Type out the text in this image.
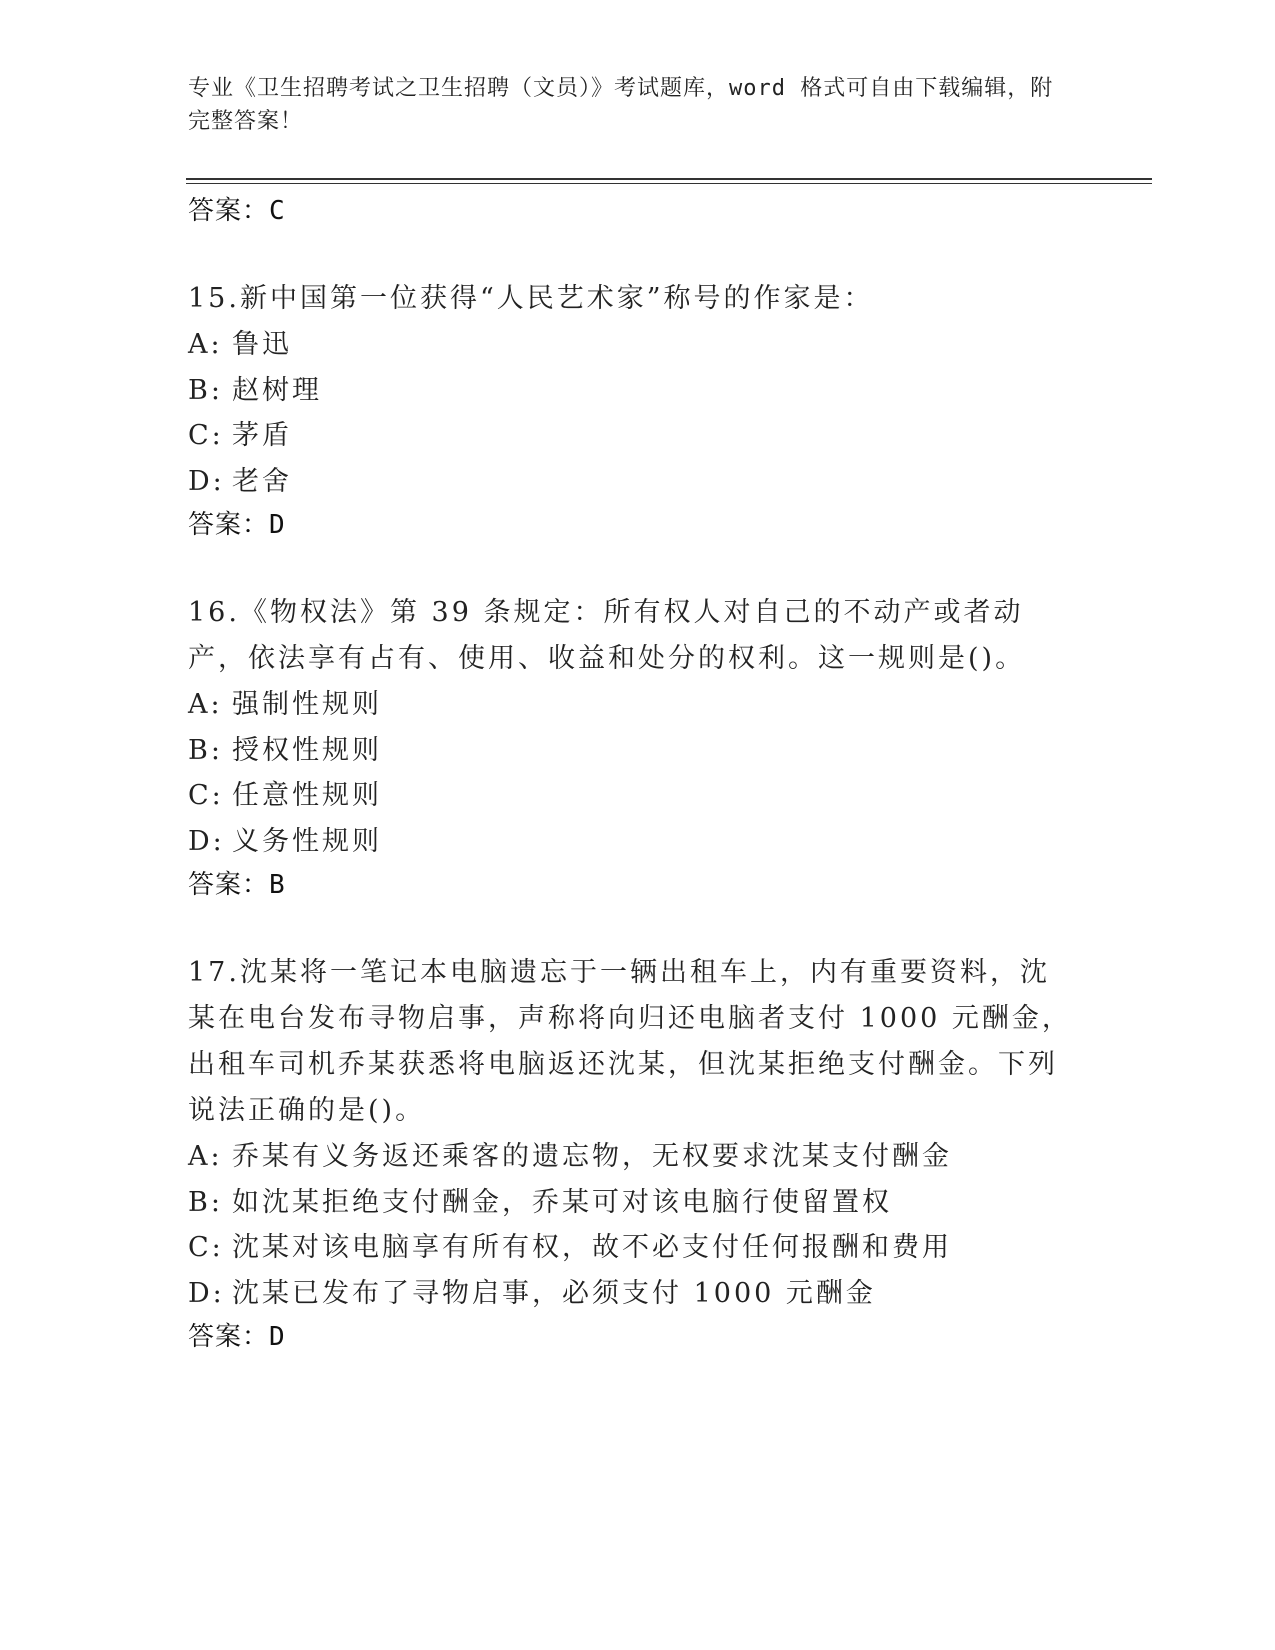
专业《卫生招聘考试之卫生招聘（文员）》考试题库，word 格式可自由下载编辑，附完整答案！
答案：C
15.新中国第一位获得“人民艺术家”称号的作家是：
A: 鲁迅
B: 赵树理
C: 茅盾
D: 老舍
答案：D
16.《物权法》第 39 条规定：所有权人对自己的不动产或者动产，依法享有占有、使用、收益和处分的权利。这一规则是()。
A: 强制性规则
B: 授权性规则
C: 任意性规则
D: 义务性规则
答案：B
17.沈某将一笔记本电脑遗忘于一辆出租车上，内有重要资料，沈某在电台发布寻物启事，声称将向归还电脑者支付 1000 元酬金，出租车司机乔某获悉将电脑返还沈某，但沈某拒绝支付酬金。下列说法正确的是()。
A: 乔某有义务返还乘客的遗忘物，无权要求沈某支付酬金
B: 如沈某拒绝支付酬金，乔某可对该电脑行使留置权
C: 沈某对该电脑享有所有权，故不必支付任何报酬和费用
D: 沈某已发布了寻物启事，必须支付 1000 元酬金
答案：D
